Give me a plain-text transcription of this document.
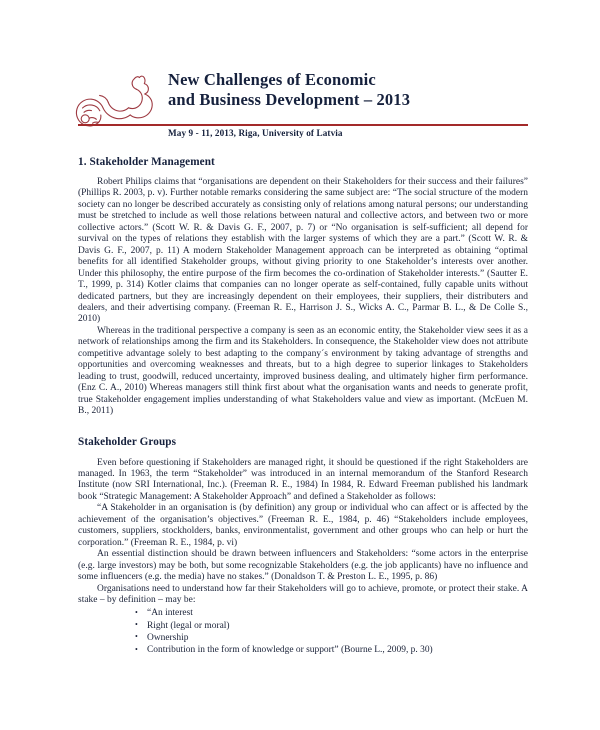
New Challenges of Economic
and Business Development – 2013
May 9 - 11, 2013, Riga, University of Latvia
1. Stakeholder Management

Robert Philips claims that “organisations are dependent on their Stakeholders for their success and their failures” (Phillips R. 2003, p. v). Further notable remarks considering the same subject are: “The social structure of the modern society can no longer be described accurately as consisting only of relations among natural persons; our understanding must be stretched to include as well those relations between natural and collective actors, and between two or more collective actors.” (Scott W. R. & Davis G. F., 2007, p. 7) or “No organisation is self-sufficient; all depend for survival on the types of relations they establish with the larger systems of which they are a part.” (Scott W. R. & Davis G. F., 2007, p. 11) A modern Stakeholder Management approach can be interpreted as obtaining “optimal benefits for all identified Stakeholder groups, without giving priority to one Stakeholder’s interests over another. Under this philosophy, the entire purpose of the firm becomes the co-ordination of Stakeholder interests.” (Sautter E. T., 1999, p. 314) Kotler claims that companies can no longer operate as self-contained, fully capable units without dedicated partners, but they are increasingly dependent on their employees, their suppliers, their distributers and dealers, and their advertising company. (Freeman R. E., Harrison J. S., Wicks A. C., Parmar B. L., & De Colle S., 2010)

Whereas in the traditional perspective a company is seen as an economic entity, the Stakeholder view sees it as a network of relationships among the firm and its Stakeholders. In consequence, the Stakeholder view does not attribute competitive advantage solely to best adapting to the company´s environment by taking advantage of strengths and opportunities and overcoming weaknesses and threats, but to a high degree to superior linkages to Stakeholders leading to trust, goodwill, reduced uncertainty, improved business dealing, and ultimately higher firm performance. (Enz C. A., 2010) Whereas managers still think first about what the organisation wants and needs to generate profit, true Stakeholder engagement implies understanding of what Stakeholders value and view as important. (McEuen M. B., 2011)

Stakeholder Groups

Even before questioning if Stakeholders are managed right, it should be questioned if the right Stakeholders are managed. In 1963, the term “Stakeholder” was introduced in an internal memorandum of the Stanford Research Institute (now SRI International, Inc.). (Freeman R. E., 1984) In 1984, R. Edward Freeman published his landmark book “Strategic Management: A Stakeholder Approach” and defined a Stakeholder as follows:

“A Stakeholder in an organisation is (by definition) any group or individual who can affect or is affected by the achievement of the organisation’s objectives.” (Freeman R. E., 1984, p. 46) “Stakeholders include employees, customers, suppliers, stockholders, banks, environmentalist, government and other groups who can help or hurt the corporation.” (Freeman R. E., 1984, p. vi)

An essential distinction should be drawn between influencers and Stakeholders: “some actors in the enterprise (e.g. large investors) may be both, but some recognizable Stakeholders (e.g. the job applicants) have no influence and some influencers (e.g. the media) have no stakes.” (Donaldson T. & Preston L. E., 1995, p. 86)

Organisations need to understand how far their Stakeholders will go to achieve, promote, or protect their stake. A stake – by definition – may be:

• “An interest
• Right (legal or moral)
• Ownership
• Contribution in the form of knowledge or support” (Bourne L., 2009, p. 30)
